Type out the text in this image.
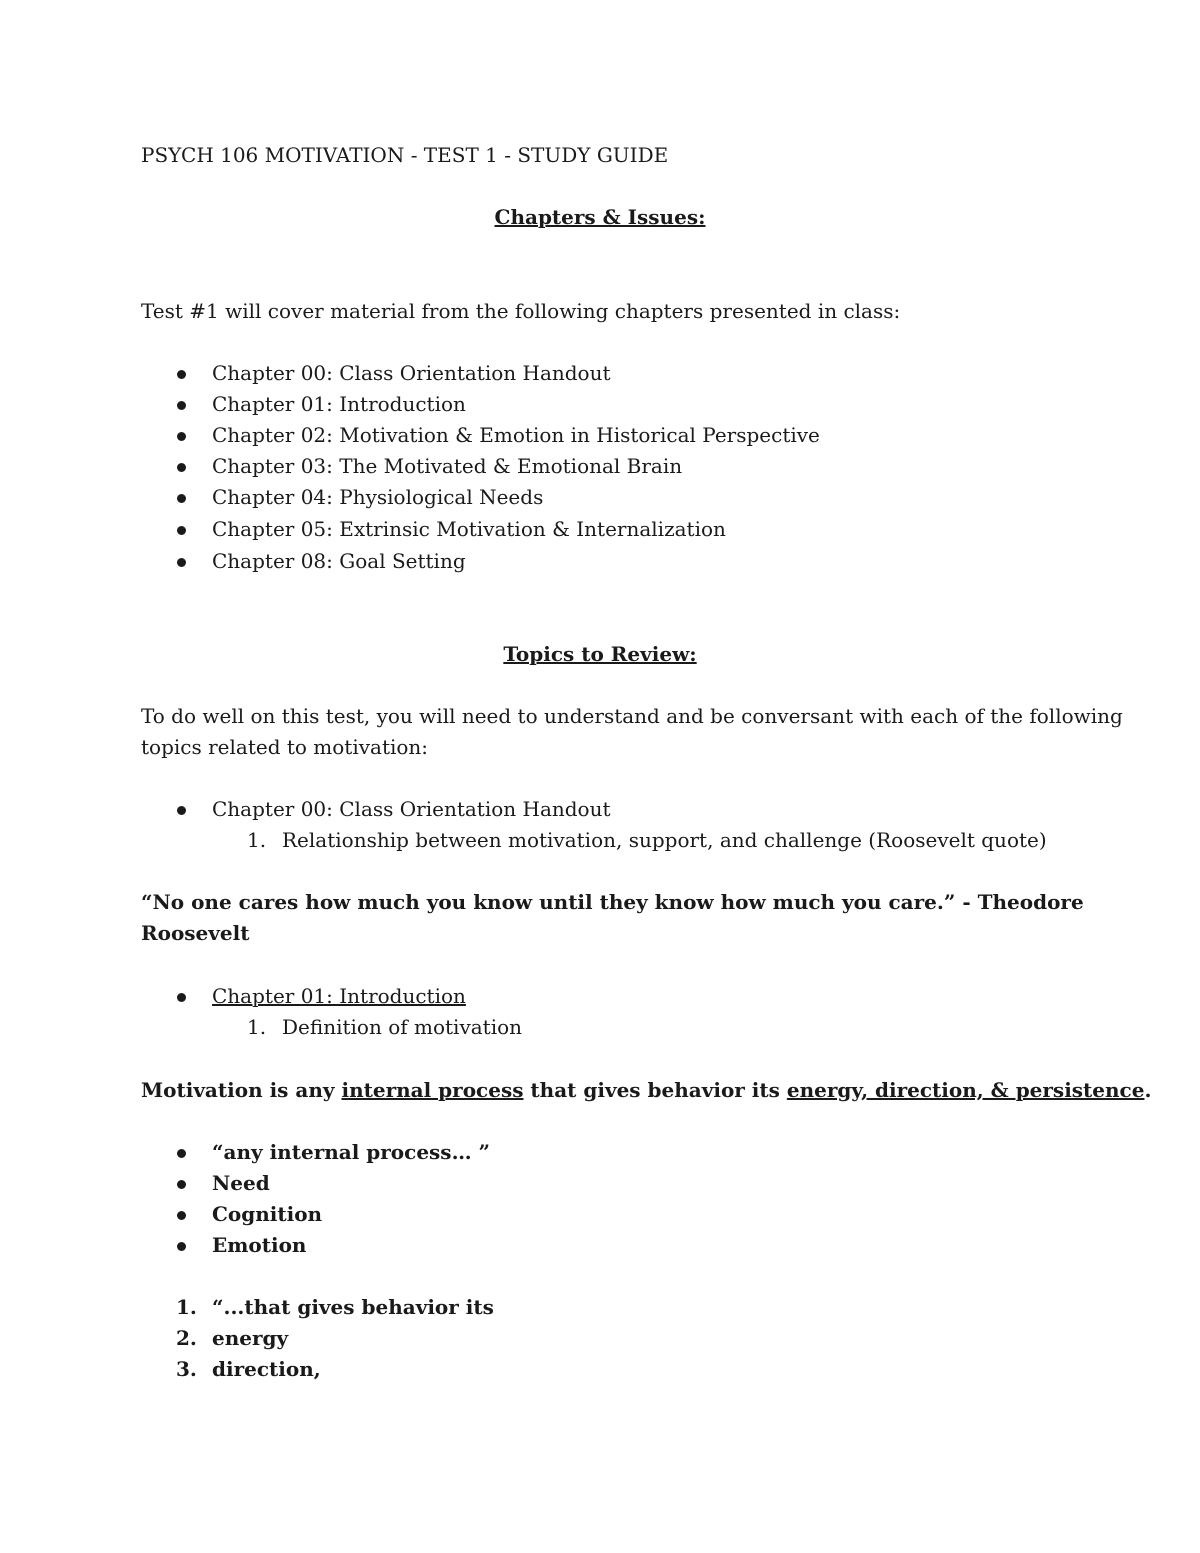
PSYCH 106 MOTIVATION - TEST 1 - STUDY GUIDE
Chapters & Issues:
Test #1 will cover material from the following chapters presented in class:
Chapter 00: Class Orientation Handout
Chapter 01: Introduction
Chapter 02: Motivation & Emotion in Historical Perspective
Chapter 03: The Motivated & Emotional Brain
Chapter 04: Physiological Needs
Chapter 05: Extrinsic Motivation & Internalization
Chapter 08: Goal Setting
Topics to Review:
To do well on this test, you will need to understand and be conversant with each of the following
topics related to motivation:
Chapter 00: Class Orientation Handout
1. Relationship between motivation, support, and challenge (Roosevelt quote)
“No one cares how much you know until they know how much you care.” - Theodore
Roosevelt
Chapter 01: Introduction
1. Definition of motivation
Motivation is any internal process that gives behavior its energy, direction, & persistence.
“any internal process… ”
Need
Cognition
Emotion
1. “...that gives behavior its
2. energy
3. direction,
